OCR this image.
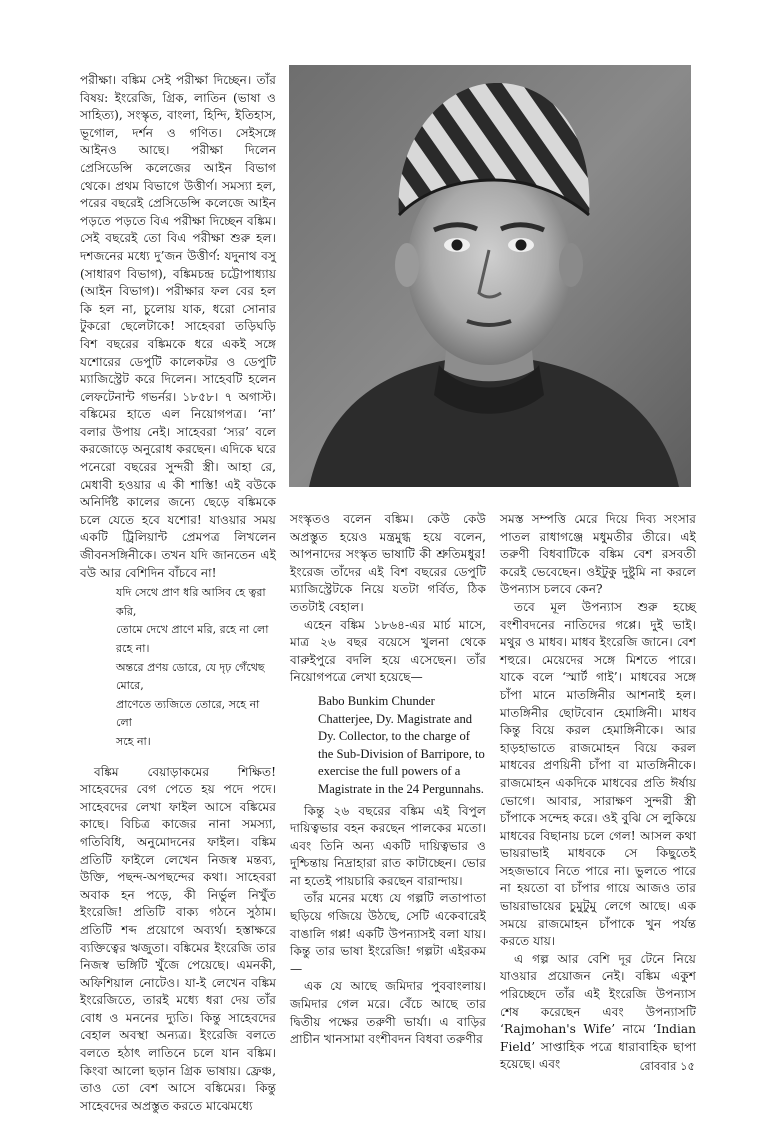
পরীক্ষা। বঙ্কিম সেই পরীক্ষা দিচ্ছেন। তাঁর বিষয়: ইংরেজি, গ্রিক, লাতিন (ভাষা ও সাহিত্য), সংস্কৃত, বাংলা, হিন্দি, ইতিহাস, ভূগোল, দর্শন ও গণিত। সেইসঙ্গে আইনও আছে। পরীক্ষা দিলেন প্রেসিডেন্সি কলেজের আইন বিভাগ থেকে। প্রথম বিভাগে উত্তীর্ণ। সমস্যা হল, পরের বছরেই প্রেসিডেন্সি কলেজে আইন পড়তে পড়তে বিএ পরীক্ষা দিচ্ছেন বঙ্কিম। সেই বছরেই তো বিএ পরীক্ষা শুরু হল। দশজনের মধ্যে দু’জন উত্তীর্ণ: যদুনাথ বসু (সাধারণ বিভাগ), বঙ্কিমচন্দ্র চট্টোপাধ্যায় (আইন বিভাগ)। পরীক্ষার ফল বের হল কি হল না, চুলোয় যাক, ধরো সোনার টুকরো ছেলেটাকে! সাহেবরা তড়িঘড়ি বিশ বছরের বঙ্কিমকে ধরে একই সঙ্গে যশোরের ডেপুটি কালেকটর ও ডেপুটি ম্যাজিস্ট্রেট করে দিলেন। সাহেবটি হলেন লেফটেনান্ট গভর্নর। ১৮৫৮। ৭ অগাস্ট। বঙ্কিমের হাতে এল নিয়োগপত্র। ‘না’ বলার উপায় নেই। সাহেবরা ‘স্যর’ বলে করজোড়ে অনুরোধ করছেন। এদিকে ঘরে পনেরো বছরের সুন্দরী স্ত্রী। আহা রে, মেধাবী হওয়ার এ কী শাস্তি! এই বউকে অনির্দিষ্ট কালের জন্যে ছেড়ে বঙ্কিমকে চলে যেতে হবে যশোর! যাওয়ার সময় একটি ট্রিলিয়ান্ট প্রেমপত্র লিখলেন জীবনসঙ্গিনীকে। তখন যদি জানতেন এই বউ আর বেশিদিন বাঁচবে না!

যদি সেথে প্রাণ ধরি আসিব হে ত্বরা
করি,
তোমে দেখে প্রাণে মরি, রহে না লো
রহে না।
অন্তরে প্রণয় ডোরে, যে দৃঢ় গেঁথেছ
মোরে,
প্রাণেতে ত্যজিতে তোরে, সহে না লো
সহে না।

বঙ্কিম বেয়াড়াকমের শিক্ষিত! সাহেবদের বেগ পেতে হয় পদে পদে। সাহেবদের লেখা ফাইল আসে বঙ্কিমের কাছে। বিচিত্র কাজের নানা সমস্যা, গতিবিধি, অনুমোদনের ফাইল। বঙ্কিম প্রতিটি ফাইলে লেখেন নিজস্ব মন্তব্য, উক্তি, পছন্দ-অপছন্দের কথা। সাহেবরা অবাক হন পড়ে, কী নির্ভুল নিখুঁত ইংরেজি! প্রতিটি বাক্য গঠনে সুঠাম। প্রতিটি শব্দ প্রয়োগে অব্যর্থ। হস্তাক্ষরে ব্যক্তিত্বের ঋজুতা। বঙ্কিমের ইংরেজি তার নিজস্ব ভঙ্গিটি খুঁজে পেয়েছে। এমনকী, অফিশিয়াল নোটেও। যা-ই লেখেন বঙ্কিম ইংরেজিতে, তারই মধ্যে ধরা দেয় তাঁর বোধ ও মননের দ্যুতি। কিন্তু সাহেবদের বেহাল অবস্থা অন্যত্র। ইংরেজি বলতে বলতে হঠাৎ লাতিনে চলে যান বঙ্কিম। কিংবা আলো ছড়ান গ্রিক ভাষায়। ফ্রেঞ্চ, তাও তো বেশ আসে বঙ্কিমের। কিন্তু সাহেবদের অপ্রস্তুত করতে মাঝেমধ্যে

সংস্কৃতও বলেন বঙ্কিম। কেউ কেউ অপ্রস্তুত হয়েও মন্ত্রমুগ্ধ হয়ে বলেন, আপনাদের সংস্কৃত ভাষাটি কী শ্রুতিমধুর! ইংরেজ তাঁদের এই বিশ বছরের ডেপুটি ম্যাজিস্ট্রেটকে নিয়ে যতটা গর্বিত, ঠিক ততটাই বেহাল।

এহেন বঙ্কিম ১৮৬৪-এর মার্চ মাসে, মাত্র ২৬ বছর বয়েসে খুলনা থেকে বারুইপুরে বদলি হয়ে এসেছেন। তাঁর নিয়োগপত্রে লেখা হয়েছে—

Babo Bunkim Chunder Chatterjee, Dy. Magistrate and Dy. Collector, to the charge of the Sub-Division of Barripore, to exercise the full powers of a Magistrate in the 24 Pergunnahs.

কিন্তু ২৬ বছরের বঙ্কিম এই বিপুল দায়িত্বভার বহন করছেন পালকের মতো। এবং তিনি অন্য একটি দায়িত্বভার ও দুশ্চিন্তায় নিদ্রাহারা রাত কাটাচ্ছেন। ভোর না হতেই পায়চারি করছেন বারান্দায়।

তাঁর মনের মধ্যে যে গল্পটি লতাপাতা ছড়িয়ে গজিয়ে উঠছে, সেটি একেবারেই বাঙালি গপ্প! একটি উপন্যাসই বলা যায়। কিন্তু তার ভাষা ইংরেজি! গল্পটা এইরকম—

এক যে আছে জমিদার পুববাংলায়। জমিদার গেল মরে। বেঁচে আছে তার দ্বিতীয় পক্ষের তরুণী ভার্যা। এ বাড়ির প্রাচীন খানসামা বংশীবদন বিধবা তরুণীর

সমস্ত সম্পত্তি মেরে দিয়ে দিব্য সংসার পাতল রাধাগঞ্জে মধুমতীর তীরে। এই তরুণী বিধবাটিকে বঙ্কিম বেশ রসবতী করেই ভেবেছেন। ওইটুকু দুষ্টুমি না করলে উপন্যাস চলবে কেন?

তবে মূল উপন্যাস শুরু হচ্ছে বংশীবদনের নাতিদের গপ্পে। দুই ভাই। মথুর ও মাধব। মাধব ইংরেজি জানে। বেশ শহুরে। মেয়েদের সঙ্গে মিশতে পারে। যাকে বলে ‘স্মার্ট গাই’। মাধবের সঙ্গে চাঁপা মানে মাতঙ্গিনীর আশনাই হল। মাতঙ্গিনীর ছোটবোন হেমাঙ্গিনী। মাধব কিন্তু বিয়ে করল হেমাঙ্গিনীকে। আর হাড়হাভাতে রাজমোহন বিয়ে করল মাধবের প্রণয়িনী চাঁপা বা মাতঙ্গিনীকে। রাজমোহন একদিকে মাধবের প্রতি ঈর্ষায় ভোগে। আবার, সারাক্ষণ সুন্দরী স্ত্রী চাঁপাকে সন্দেহ করে। ওই বুঝি সে লুকিয়ে মাধবের বিছানায় চলে গেল! আসল কথা ভায়রাভাই মাধবকে সে কিছুতেই সহজভাবে নিতে পারে না। ভুলতে পারে না হয়তো বা চাঁপার গায়ে আজও তার ভায়রাভায়ের চুমুটুমু লেগে আছে। এক সময়ে রাজমোহন চাঁপাকে খুন পর্যন্ত করতে যায়।

এ গল্প আর বেশি দূর টেনে নিয়ে যাওয়ার প্রয়োজন নেই। বঙ্কিম একুশ পরিচ্ছেদে তাঁর এই ইংরেজি উপন্যাস শেষ করেছেন এবং উপন্যাসটি ‘Rajmohan's Wife’ নামে ‘Indian Field’ সাপ্তাহিক পত্রে ধারাবাহিক ছাপা হয়েছে। এবং	রোববার ১৫
